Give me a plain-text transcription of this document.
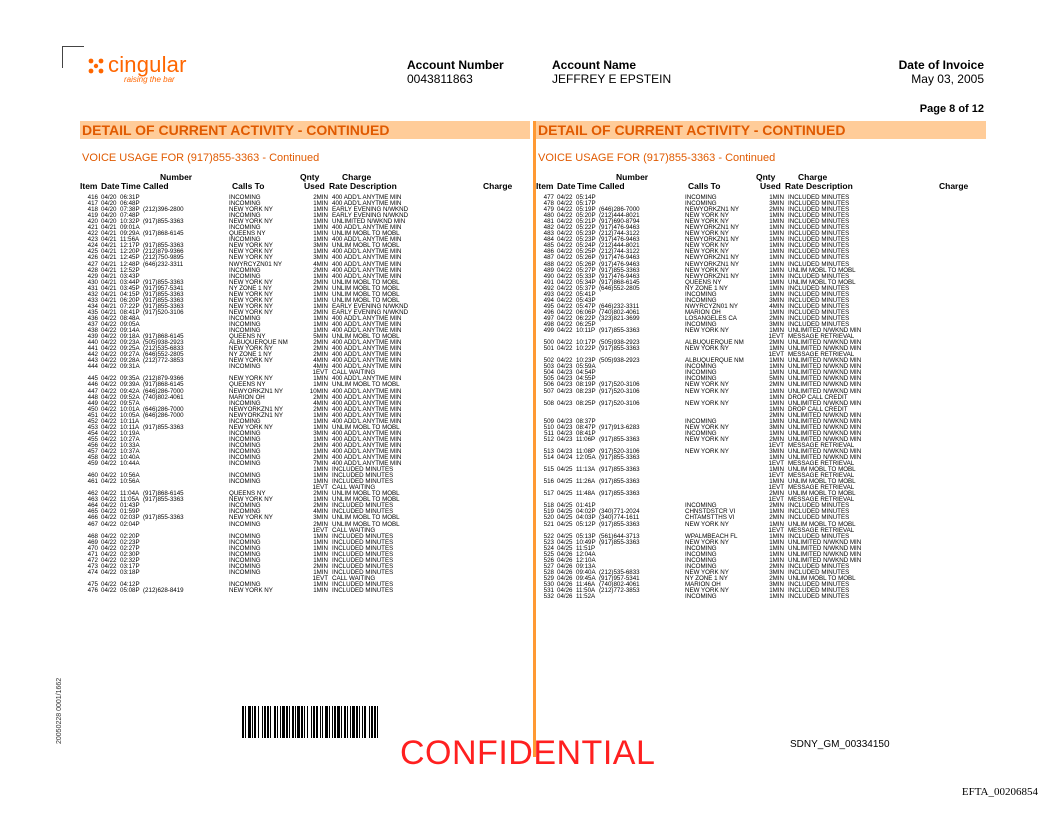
cingular
raising the bar
Account Number
0043811863
Account Name
JEFFREY E EPSTEIN
Date of Invoice
May 03, 2005
Page 8 of 12
DETAIL OF CURRENT ACTIVITY - CONTINUED
VOICE USAGE FOR (917)855-3363 - Continued
Number	Qnty	Charge
Item Date Time Called	Calls To	Used Rate Description	Charge
416 04/20 06:31P	INCOMING	2MIN 400 ADD'L ANYTME MIN
417 04/20 06:48P	INCOMING	1MIN 400 ADD'L ANYTME MIN
418 04/20 07:38P (212)396-2800	NEW YORK NY	1MIN EARLY EVENING N/WKND
419 04/20 07:48P	INCOMING	1MIN EARLY EVENING N/WKND
420 04/20 10:32P (917)855-3363	NEW YORK NY	1MIN UNLIMITED N/WKND MIN
421 04/21 09:01A	INCOMING	1MIN 400 ADD'L ANYTME MIN
422 04/21 09:29A (917)868-6145	QUEENS NY	1MIN UNLIM MOBL TO MOBL
423 04/21 11:56A	INCOMING	1MIN 400 ADD'L ANYTME MIN
424 04/21 12:17P (917)855-3363	NEW YORK NY	3MIN UNLIM MOBL TO MOBL
425 04/21 12:20P (212)879-9366	NEW YORK NY	1MIN 400 ADD'L ANYTME MIN
426 04/21 12:45P (212)750-9895	NEW YORK NY	3MIN 400 ADD'L ANYTME MIN
427 04/21 12:48P (646)232-3311	NWYRCYZN01 NY	4MIN 400 ADD'L ANYTME MIN
428 04/21 12:52P	INCOMING	2MIN 400 ADD'L ANYTME MIN
429 04/21 03:43P	INCOMING	1MIN 400 ADD'L ANYTME MIN
430 04/21 03:44P (917)855-3363	NEW YORK NY	2MIN UNLIM MOBL TO MOBL
431 04/21 03:45P (917)957-5341	NY ZONE 1 NY	2MIN UNLIM MOBL TO MOBL
432 04/21 04:15P (917)855-3363	NEW YORK NY	1MIN UNLIM MOBL TO MOBL
433 04/21 06:20P (917)855-3363	NEW YORK NY	1MIN UNLIM MOBL TO MOBL
434 04/21 07:22P (917)855-3363	NEW YORK NY	1MIN EARLY EVENING N/WKND
435 04/21 08:41P (917)520-3106	NEW YORK NY	2MIN EARLY EVENING N/WKND
436 04/22 08:48A	INCOMING	1MIN 400 ADD'L ANYTME MIN
437 04/22 09:05A	INCOMING	1MIN 400 ADD'L ANYTME MIN
438 04/22 09:14A	INCOMING	1MIN 400 ADD'L ANYTME MIN
439 04/22 09:18A (917)868-6145	QUEENS NY	5MIN UNLIM MOBL TO MOBL
440 04/22 09:23A (505)938-2923	ALBUQUERQUE NM	2MIN 400 ADD'L ANYTME MIN
441 04/22 09:25A (212)535-6833	NEW YORK NY	2MIN 400 ADD'L ANYTME MIN
442 04/22 09:27A (646)552-2805	NY ZONE 1 NY	2MIN 400 ADD'L ANYTME MIN
443 04/22 09:28A (212)772-3853	NEW YORK NY	4MIN 400 ADD'L ANYTME MIN
444 04/22 09:31A	INCOMING	4MIN 400 ADD'L ANYTME MIN
1EVT CALL WAITING
445 04/22 09:35A (212)879-9366	NEW YORK NY	1MIN 400 ADD'L ANYTME MIN
446 04/22 09:39A (917)868-6145	QUEENS NY	1MIN UNLIM MOBL TO MOBL
447 04/22 09:42A (646)286-7000	NEWYORKZN1 NY	10MIN 400 ADD'L ANYTME MIN
448 04/22 09:52A (740)802-4061	MARION OH	2MIN 400 ADD'L ANYTME MIN
449 04/22 09:57A	INCOMING	4MIN 400 ADD'L ANYTME MIN
450 04/22 10:01A (646)286-7000	NEWYORKZN1 NY	2MIN 400 ADD'L ANYTME MIN
451 04/22 10:05A (646)286-7000	NEWYORKZN1 NY	1MIN 400 ADD'L ANYTME MIN
452 04/22 10:11A	INCOMING	1MIN 400 ADD'L ANYTME MIN
453 04/22 10:11A (917)855-3363	NEW YORK NY	1MIN UNLIM MOBL TO MOBL
454 04/22 10:19A	INCOMING	3MIN 400 ADD'L ANYTME MIN
455 04/22 10:27A	INCOMING	1MIN 400 ADD'L ANYTME MIN
456 04/22 10:33A	INCOMING	2MIN 400 ADD'L ANYTME MIN
457 04/22 10:37A	INCOMING	1MIN 400 ADD'L ANYTME MIN
458 04/22 10:40A	INCOMING	2MIN 400 ADD'L ANYTME MIN
459 04/22 10:44A	INCOMING	7MIN 400 ADD'L ANYTME MIN
1MIN INCLUDED MINUTES
460 04/22 10:56A	INCOMING	1MIN INCLUDED MINUTES
461 04/22 10:56A	INCOMING	1MIN INCLUDED MINUTES
1EVT CALL WAITING
462 04/22 11:04A (917)868-6145	QUEENS NY	2MIN UNLIM MOBL TO MOBL
463 04/22 11:05A (917)855-3363	NEW YORK NY	1MIN UNLIM MOBL TO MOBL
464 04/22 01:43P	INCOMING	2MIN INCLUDED MINUTES
465 04/22 01:59P	INCOMING	4MIN INCLUDED MINUTES
466 04/22 02:03P (917)855-3363	NEW YORK NY	3MIN UNLIM MOBL TO MOBL
467 04/22 02:04P	INCOMING	2MIN UNLIM MOBL TO MOBL
1EVT CALL WAITING
468 04/22 02:20P	INCOMING	1MIN INCLUDED MINUTES
469 04/22 02:23P	INCOMING	1MIN INCLUDED MINUTES
470 04/22 02:27P	INCOMING	1MIN INCLUDED MINUTES
471 04/22 02:30P	INCOMING	1MIN INCLUDED MINUTES
472 04/22 02:32P	INCOMING	1MIN INCLUDED MINUTES
473 04/22 03:17P	INCOMING	2MIN INCLUDED MINUTES
474 04/22 03:18P	INCOMING	1MIN INCLUDED MINUTES
1EVT CALL WAITING
475 04/22 04:12P	INCOMING	1MIN INCLUDED MINUTES
476 04/22 05:08P (212)628-8419	NEW YORK NY	1MIN INCLUDED MINUTES
DETAIL OF CURRENT ACTIVITY - CONTINUED
VOICE USAGE FOR (917)855-3363 - Continued
Number	Qnty	Charge
Item Date Time Called	Calls To	Used Rate Description	Charge
477 04/22 05:14P	INCOMING	1MIN INCLUDED MINUTES
478 04/22 05:17P	INCOMING	3MIN INCLUDED MINUTES
479 04/22 05:19P (646)286-7000	NEWYORKZN1 NY	2MIN INCLUDED MINUTES
480 04/22 05:20P (212)444-8021	NEW YORK NY	1MIN INCLUDED MINUTES
481 04/22 05:21P (917)690-8794	NEW YORK NY	1MIN INCLUDED MINUTES
482 04/22 05:22P (917)476-9463	NEWYORKZN1 NY	1MIN INCLUDED MINUTES
483 04/22 05:23P (212)744-3122	NEW YORK NY	1MIN INCLUDED MINUTES
484 04/22 05:23P (917)476-9463	NEWYORKZN1 NY	1MIN INCLUDED MINUTES
485 04/22 05:24P (212)444-8021	NEW YORK NY	1MIN INCLUDED MINUTES
486 04/22 05:25P (212)744-3122	NEW YORK NY	1MIN INCLUDED MINUTES
487 04/22 05:26P (917)476-9463	NEWYORKZN1 NY	1MIN INCLUDED MINUTES
488 04/22 05:26P (917)476-9463	NEWYORKZN1 NY	1MIN INCLUDED MINUTES
489 04/22 05:27P (917)855-3363	NEW YORK NY	1MIN UNLIM MOBL TO MOBL
490 04/22 05:33P (917)476-9463	NEWYORKZN1 NY	1MIN INCLUDED MINUTES
491 04/22 05:34P (917)868-6145	QUEENS NY	1MIN UNLIM MOBL TO MOBL
492 04/22 05:37P (646)552-2805	NY ZONE 1 NY	1MIN INCLUDED MINUTES
493 04/22 05:41P	INCOMING	1MIN INCLUDED MINUTES
494 04/22 05:43P	INCOMING	3MIN INCLUDED MINUTES
495 04/22 05:47P (646)232-3311	NWYRCYZN01 NY	4MIN INCLUDED MINUTES
496 04/22 06:06P (740)802-4061	MARION OH	1MIN INCLUDED MINUTES
497 04/22 06:22P (323)821-3699	LOSANGELES CA	2MIN INCLUDED MINUTES
498 04/22 06:25P	INCOMING	3MIN INCLUDED MINUTES
499 04/22 10:11P (917)855-3363	NEW YORK NY	1MIN UNLIMITED N/WKND MIN
1EVT MESSAGE RETRIEVAL
500 04/22 10:17P (505)938-2923	ALBUQUERQUE NM	2MIN UNLIMITED N/WKND MIN
501 04/22 10:22P (917)855-3363	NEW YORK NY	1MIN UNLIMITED N/WKND MIN
1EVT MESSAGE RETRIEVAL
502 04/22 10:23P (505)938-2923	ALBUQUERQUE NM	1MIN UNLIMITED N/WKND MIN
503 04/23 05:59A	INCOMING	1MIN UNLIMITED N/WKND MIN
504 04/23 04:54P	INCOMING	1MIN UNLIMITED N/WKND MIN
505 04/23 04:55P	INCOMING	5MIN UNLIMITED N/WKND MIN
506 04/23 08:19P (917)520-3106	NEW YORK NY	2MIN UNLIMITED N/WKND MIN
507 04/23 08:23P (917)520-3106	NEW YORK NY	1MIN UNLIMITED N/WKND MIN
1MIN DROP CALL CREDIT
508 04/23 08:25P (917)520-3106	NEW YORK NY	1MIN UNLIMITED N/WKND MIN
1MIN DROP CALL CREDIT
2MIN UNLIMITED N/WKND MIN
509 04/23 08:37P	INCOMING	1MIN UNLIMITED N/WKND MIN
510 04/23 08:47P (917)913-6283	NEW YORK NY	3MIN UNLIMITED N/WKND MIN
511 04/23 08:41P	INCOMING	1MIN UNLIMITED N/WKND MIN
512 04/23 11:06P (917)855-3363	NEW YORK NY	2MIN UNLIMITED N/WKND MIN
1EVT MESSAGE RETRIEVAL
513 04/23 11:08P (917)520-3106	NEW YORK NY	3MIN UNLIMITED N/WKND MIN
514 04/24 12:05A (917)855-3363	1MIN UNLIMITED N/WKND MIN
1EVT MESSAGE RETRIEVAL
515 04/25 11:13A (917)855-3363	1MIN UNLIM MOBL TO MOBL
1EVT MESSAGE RETRIEVAL
516 04/25 11:26A (917)855-3363	1MIN UNLIM MOBL TO MOBL
1EVT MESSAGE RETRIEVAL
517 04/25 11:48A (917)855-3363	2MIN UNLIM MOBL TO MOBL
1EVT MESSAGE RETRIEVAL
518 04/25 01:41P	INCOMING	2MIN INCLUDED MINUTES
519 04/25 04:02P (340)771-2024	CHNSTDSTCR VI	1MIN INCLUDED MINUTES
520 04/25 04:03P (340)774-1611	CHTAMSTTHS VI	2MIN INCLUDED MINUTES
521 04/25 05:12P (917)855-3363	NEW YORK NY	1MIN UNLIM MOBL TO MOBL
1EVT MESSAGE RETRIEVAL
522 04/25 05:13P (561)644-3713	WPALMBEACH FL	1MIN INCLUDED MINUTES
523 04/25 10:49P (917)855-3363	NEW YORK NY	1MIN UNLIMITED N/WKND MIN
524 04/25 11:51P	INCOMING	1MIN UNLIMITED N/WKND MIN
525 04/26 12:04A	INCOMING	1MIN UNLIMITED N/WKND MIN
526 04/26 12:10A	INCOMING	1MIN UNLIMITED N/WKND MIN
527 04/26 09:13A	INCOMING	2MIN INCLUDED MINUTES
528 04/26 09:40A (212)535-6833	NEW YORK NY	3MIN INCLUDED MINUTES
529 04/26 09:45A (917)957-5341	NY ZONE 1 NY	2MIN UNLIM MOBL TO MOBL
530 04/26 11:46A (740)802-4061	MARION OH	3MIN INCLUDED MINUTES
531 04/26 11:50A (212)772-3853	NEW YORK NY	1MIN INCLUDED MINUTES
532 04/26 11:52A	INCOMING	1MIN INCLUDED MINUTES
CONFIDENTIAL	SDNY_GM_00334150
EFTA_00206854
20050228 0001/1662
